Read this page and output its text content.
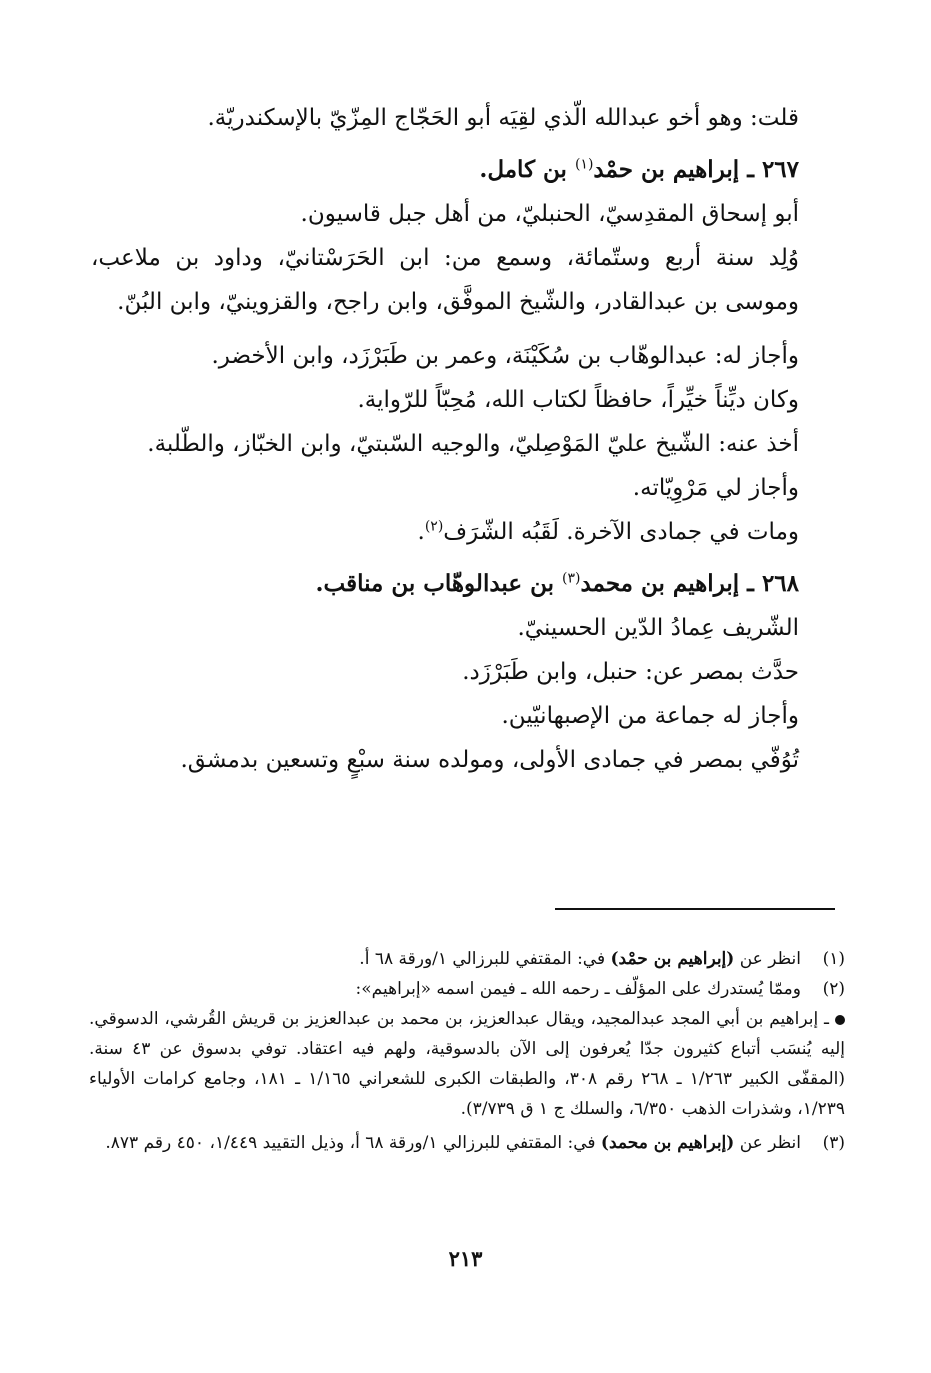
قلت: وهو أخو عبدالله الّذي لقِيَه أبو الحَجّاج المِزّيّ بالإسكندريّة.

٢٦٧ ـ إبراهيم بن حمْد$^{(١)}$ بن كامل.

أبو إسحاق المقدِسيّ، الحنبليّ، من أهل جبل قاسيون.

وُلِد سنة أربع وستّمائة، وسمع من: ابن الحَرَسْتانيّ، وداود بن ملاعب، وموسى بن عبدالقادر، والشّيخ الموفَّق، وابن راجح، والقزوينيّ، وابن البُنّ.

وأجاز له: عبدالوهّاب بن سُكَيْنَة، وعمر بن طَبَرْزَد، وابن الأخضر.

وكان ديِّناً خيِّراً، حافظاً لكتاب الله، مُحِبّاً للرّواية.

أخذ عنه: الشّيخ عليّ المَوْصِليّ، والوجيه السّبتيّ، وابن الخبّاز، والطّلبة.

وأجاز لي مَرْوِيّاته.

ومات في جمادى الآخرة. لَقَبُه الشّرَف$^{(٢)}$.

٢٦٨ ـ إبراهيم بن محمد$^{(٣)}$ بن عبدالوهّاب بن مناقب.

الشّريف عِمادُ الدّين الحسينيّ.

حدَّث بمصر عن: حنبل، وابن طَبَرْزَد.

وأجاز له جماعة من الإصبهانيّين.

تُوُفّي بمصر في جمادى الأولى، ومولده سنة سبْعٍ وتسعين بدمشق.

(١)
انظر عن (إبراهيم بن حمْد) في: المقتفي للبرزالي ١/ورقة ٦٨ أ.
(٢)
وممّا يُستدرك على المؤلّف ـ رحمه الله ـ فيمن اسمه «إبراهيم»:
ـ إبراهيم بن أبي المجد عبدالمجيد، ويقال عبدالعزيز، بن محمد بن عبدالعزيز بن قريش القُرشي، الدسوقي. إليه يُنسَب أتباع كثيرون جدّا يُعرفون إلى الآن بالدسوقية، ولهم فيه اعتقاد. توفي بدسوق عن ٤٣ سنة. (المقفّى الكبير ١/٢٦٣ ـ ٢٦٨ رقم ٣٠٨، والطبقات الكبرى للشعراني ١/١٦٥ ـ ١٨١، وجامع كرامات الأولياء ١/٢٣٩، وشذرات الذهب ٦/٣٥٠، والسلك ج ١ ق ٣/٧٣٩).
(٣)
انظر عن (إبراهيم بن محمد) في: المقتفي للبرزالي ١/ورقة ٦٨ أ، وذيل التقييد ١/٤٤٩، ٤٥٠ رقم ٨٧٣.
٢١٣
